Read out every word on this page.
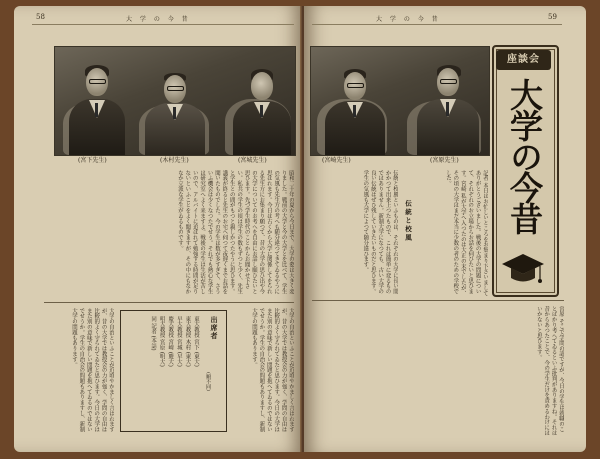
58	大 学 の 今 昔	大 学 の 今 昔	59
(宮下先生)	(木村先生)	(宮城先生)	(宮崎先生)	(宮原先生)
座談会
大学の今昔
記者 本日はお忙しいところをお集まり下さいましてありがとうございました。戦後の大学の問題について、それぞれのお立場からお話を伺ひたいと思ひます。宮崎 私が大学へ入つたのは大正の末でしたが、その頃の大学はまだ本当に少数の者のための学校でした。
伝統と校風
伝統と校風といふものは、それぞれの大学に長い間かかつて出来上つたもので、これは簡単に変るものではありません。新制大学になつても、古い大学の良い伝統はぜひ残していきたいものだと思ひます。学生の気風も大学によつて随分違ひます。
宮原 そこで学問の話ですが、今日の学生は就職のことばかり考へてゐるといふ批判がありますね。それは昔からあつたことで、今の学生だけを責めるわけにはいかないと思ひます。
昭和二十年の夏から今日まで、大学の姿は大きく変りました。戦前の大学と今の大学とを比べて、学生の気風も先生方の考へも随分違つてきてゐるやうに思はれます。今日は古くから大学に関係してをられる先生方にお集まり願つて、昔の大学の思ひ出や今の大学についてのお考へを自由にお話し願ひたいと思ひます。先づ学生時代のことからお聞かせ下さい。私共の学生の頃は学生の数もずつと少く、先生と学生との間がもつと親しかつたやうに思ひます。講義が終ると先生のお宅へ伺つて夜遅くまでお話を聞いたものでした。今の学生は数が多すぎて、さういふ機会は少くなつたでせう。それでも熱心な学生は研究室へよく来ますよ。戦後の学生は生活が苦しいので、アルバイトに追はれて勉強する時間が足りないといふことをよく聞きますが、その中にもなかなか立派な学生がゐるものです。
大学の自治といふことが近頃やかましく言はれますが、昔の大学では教授会の力が強く、学問の自由は比較的よく守られてゐたと思ひます。今日の大学はまた別の意味で新しい問題を抱へてゐるのではないでせうか。学生の自治会の問題もありますし、新制大学の問題もあります。
大学の自治といふことが近頃やかましく言はれますが、昔の大学では教授会の力が強く、学問の自由は比較的よく守られてゐたと思ひます。今日の大学はまた別の意味で新しい問題を抱へてゐるのではないでせうか。学生の自治会の問題もありますし、新制大学の問題もあります。	出席者
(順不同)
東大教授 宮下 (東大)
東大教授 木村 (東大)
早大教授 宮城 (早大)
慶大教授 宮崎 (慶大)
明大教授 宮原 (明大)
同 記者 (本誌)
